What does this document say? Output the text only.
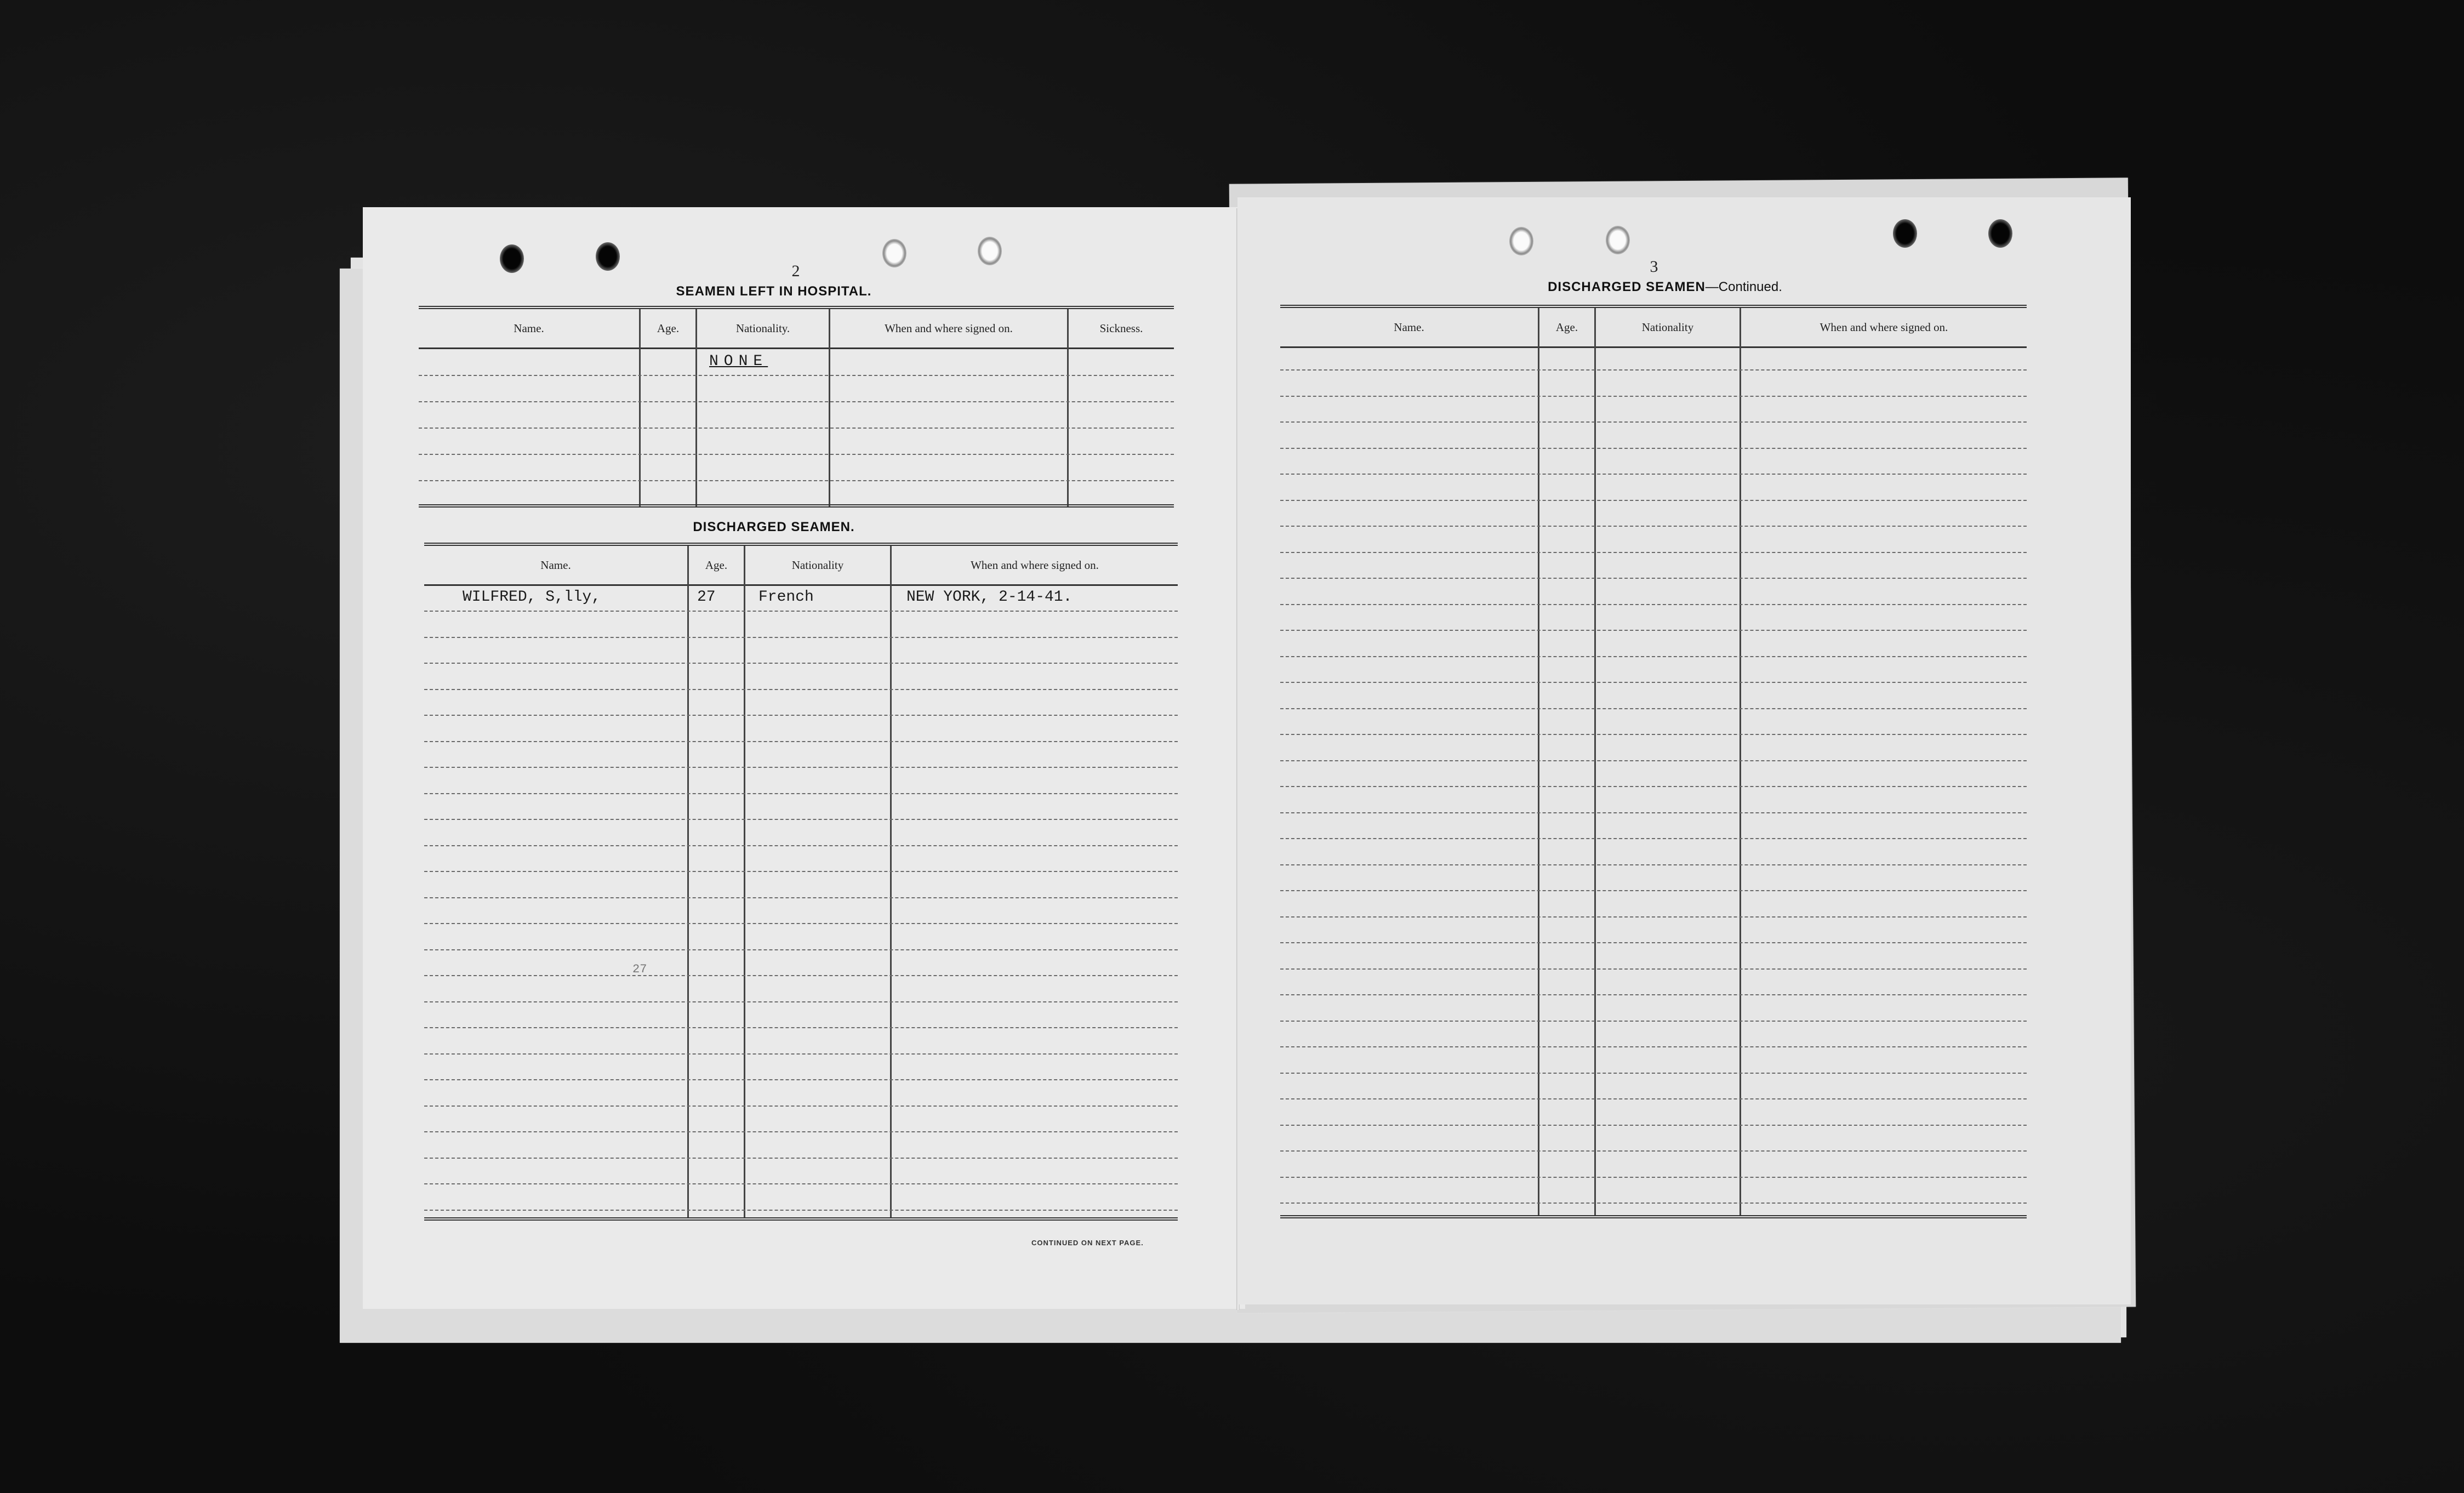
2
SEAMEN LEFT IN HOSPITAL.
Name.	Age.	Nationality.	When and where signed on.	Sickness.
NONE
DISCHARGED SEAMEN.
Name.	Age.	Nationality	When and where signed on.
WILFRED, S,lly,	27	French	NEW YORK, 2-14-41.
27
CONTINUED ON NEXT PAGE.
3
DISCHARGED SEAMEN—Continued.
Name.	Age.	Nationality	When and where signed on.
